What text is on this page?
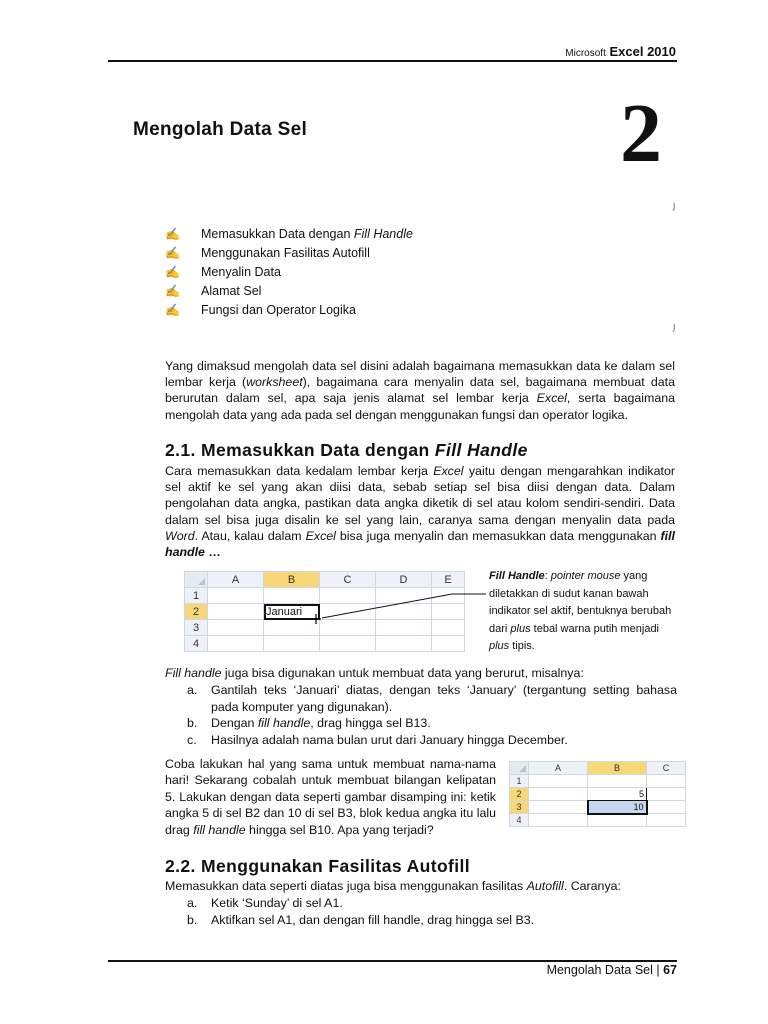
Microsoft Excel 2010
Mengolah Data Sel	2
J
J
✍ Memasukkan Data dengan Fill Handle
✍ Menggunakan Fasilitas Autofill
✍ Menyalin Data
✍ Alamat Sel
✍ Fungsi dan Operator Logika
Yang dimaksud mengolah data sel disini adalah bagaimana memasukkan data ke dalam sel lembar kerja (worksheet), bagaimana cara menyalin data sel, bagaimana membuat data berurutan dalam sel, apa saja jenis alamat sel lembar kerja Excel, serta bagaimana mengolah data yang ada pada sel dengan menggunakan fungsi dan operator logika.
2.1. Memasukkan Data dengan Fill Handle
Cara memasukkan data kedalam lembar kerja Excel yaitu dengan mengarahkan indikator sel aktif ke sel yang akan diisi data, sebab setiap sel bisa diisi dengan data. Dalam pengolahan data angka, pastikan data angka diketik di sel atau kolom sendiri-sendiri. Data dalam sel bisa juga disalin ke sel yang lain, caranya sama dengan menyalin data pada Word. Atau, kalau dalam Excel bisa juga menyalin dan memasukkan data menggunakan fill handle …
	A	B	C	D	E
1					
2		Januari			
3					
4					
Fill Handle: pointer mouse yang diletakkan di sudut kanan bawah indikator sel aktif, bentuknya berubah dari plus tebal warna putih menjadi plus tipis.
Fill handle juga bisa digunakan untuk membuat data yang berurut, misalnya:
a. Gantilah teks ‘Januari’ diatas, dengan teks ‘January’ (tergantung setting bahasa pada komputer yang digunakan).
b. Dengan fill handle, drag hingga sel B13.
c. Hasilnya adalah nama bulan urut dari January hingga December.
Coba lakukan hal yang sama untuk membuat nama-nama hari! Sekarang cobalah untuk membuat bilangan kelipatan 5. Lakukan dengan data seperti gambar disamping ini: ketik angka 5 di sel B2 dan 10 di sel B3, blok kedua angka itu lalu drag fill handle hingga sel B10. Apa yang terjadi?
	A	B	C
1			
2		5	
3		10	
4			
2.2. Menggunakan Fasilitas Autofill
Memasukkan data seperti diatas juga bisa menggunakan fasilitas Autofill. Caranya:
a. Ketik ‘Sunday’ di sel A1.
b. Aktifkan sel A1, dan dengan fill handle, drag hingga sel B3.
Mengolah Data Sel | 67
